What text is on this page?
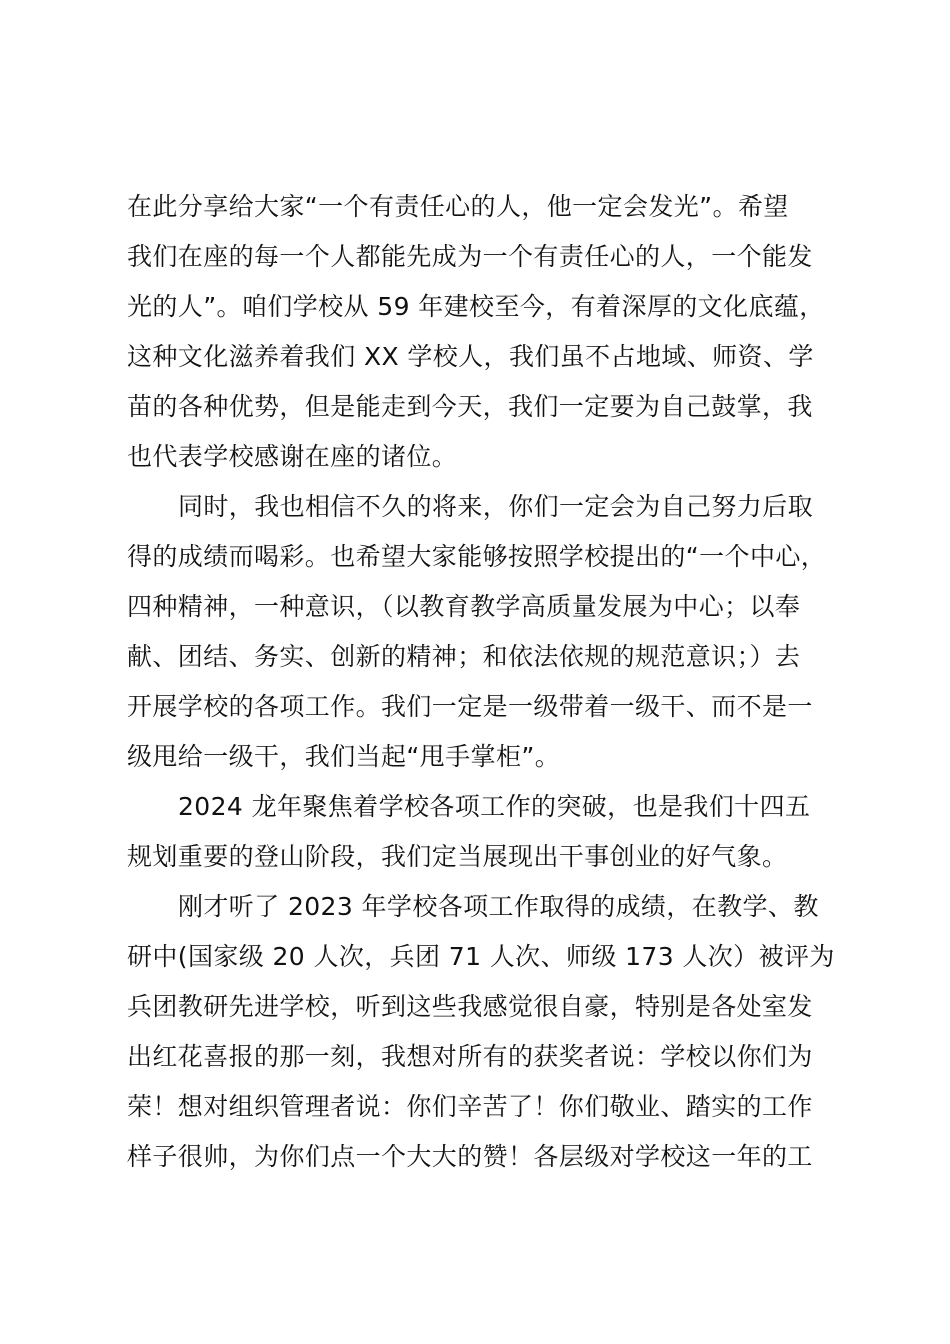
在此分享给大家“一个有责任心的人，他一定会发光”。希望
我们在座的每一个人都能先成为一个有责任心的人，一个能发
光的人”。咱们学校从 59 年建校至今，有着深厚的文化底蕴，
这种文化滋养着我们 XX 学校人，我们虽不占地域、师资、学
苗的各种优势，但是能走到今天，我们一定要为自己鼓掌，我
也代表学校感谢在座的诸位。
同时，我也相信不久的将来，你们一定会为自己努力后取
得的成绩而喝彩。也希望大家能够按照学校提出的“一个中心，
四种精神，一种意识，（以教育教学高质量发展为中心；以奉
献、团结、务实、创新的精神；和依法依规的规范意识；）去
开展学校的各项工作。我们一定是一级带着一级干、而不是一
级甩给一级干，我们当起“甩手掌柜”。
2024 龙年聚焦着学校各项工作的突破，也是我们十四五
规划重要的登山阶段，我们定当展现出干事创业的好气象。
刚才听了 2023 年学校各项工作取得的成绩，在教学、教
研中(国家级 20 人次，兵团 71 人次、师级 173 人次）被评为
兵团教研先进学校，听到这些我感觉很自豪，特别是各处室发
出红花喜报的那一刻，我想对所有的获奖者说：学校以你们为
荣！想对组织管理者说：你们辛苦了！你们敬业、踏实的工作
样子很帅，为你们点一个大大的赞！各层级对学校这一年的工
